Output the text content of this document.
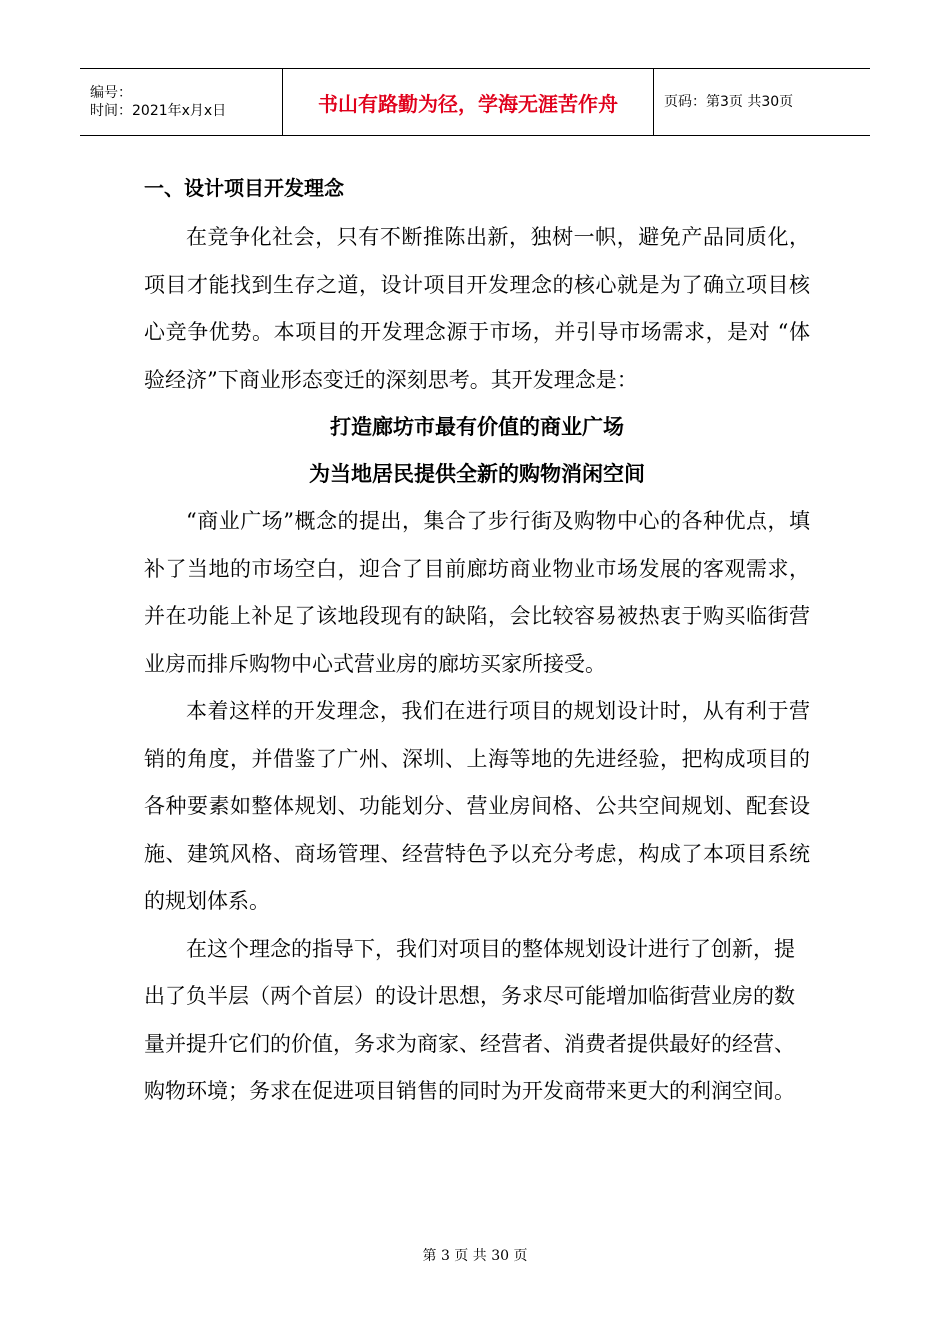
编号：
时间：2021年x月x日	书山有路勤为径，学海无涯苦作舟	页码：第3页 共30页
一、设计项目开发理念

在竞争化社会，只有不断推陈出新，独树一帜，避免产品同质化，项目才能找到生存之道，设计项目开发理念的核心就是为了确立项目核心竞争优势。本项目的开发理念源于市场，并引导市场需求，是对 “体验经济”下商业形态变迁的深刻思考。其开发理念是：

打造廊坊市最有价值的商业广场

为当地居民提供全新的购物消闲空间

“商业广场”概念的提出，集合了步行街及购物中心的各种优点，填补了当地的市场空白，迎合了目前廊坊商业物业市场发展的客观需求，并在功能上补足了该地段现有的缺陷，会比较容易被热衷于购买临街营业房而排斥购物中心式营业房的廊坊买家所接受。

本着这样的开发理念，我们在进行项目的规划设计时，从有利于营销的角度，并借鉴了广州、深圳、上海等地的先进经验，把构成项目的各种要素如整体规划、功能划分、营业房间格、公共空间规划、配套设施、建筑风格、商场管理、经营特色予以充分考虑，构成了本项目系统的规划体系。

在这个理念的指导下，我们对项目的整体规划设计进行了创新，提出了负半层（两个首层）的设计思想，务求尽可能增加临街营业房的数量并提升它们的价值，务求为商家、经营者、消费者提供最好的经营、购物环境；务求在促进项目销售的同时为开发商带来更大的利润空间。

第 3 页 共 30 页
